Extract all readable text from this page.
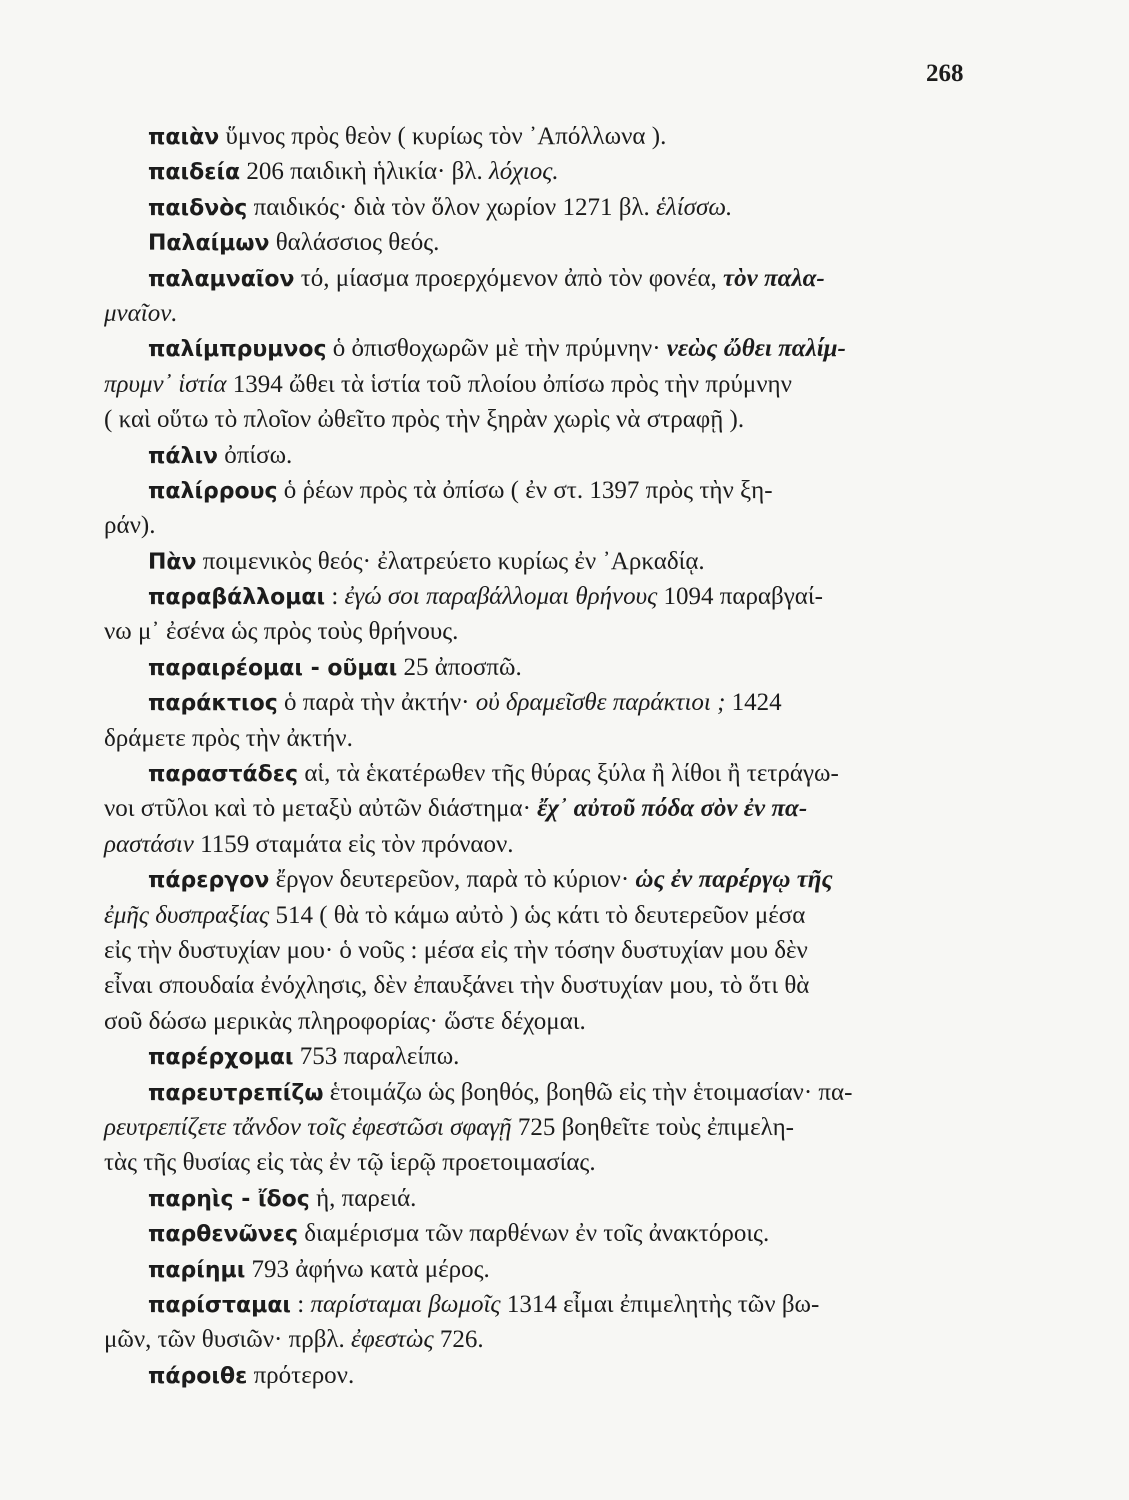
268
παιὰν ὕμνος πρὸς θεὸν ( κυρίως τὸν ᾿Απόλλωνα ).
παιδεία 206 παιδικὴ ἡλικία· βλ. λόχιος.
παιδνὸς παιδικός· διὰ τὸν ὅλον χωρίον 1271 βλ. ἑλίσσω.
Παλαίμων θαλάσσιος θεός.
παλαμναῖον τό, μίασμα προερχόμενον ἀπὸ τὸν φονέα, τὸν παλα-
μναῖον.
παλίμπρυμνος ὁ ὀπισθοχωρῶν μὲ τὴν πρύμνην· νεὼς ὤθει παλίμ-
πρυμν᾿ ἱστία 1394 ὤθει τὰ ἱστία τοῦ πλοίου ὀπίσω πρὸς τὴν πρύμνην
( καὶ οὕτω τὸ πλοῖον ὠθεῖτο πρὸς τὴν ξηρὰν χωρὶς νὰ στραφῇ ).
πάλιν ὀπίσω.
παλίρρους ὁ ῥέων πρὸς τὰ ὀπίσω ( ἐν στ. 1397 πρὸς τὴν ξη-
ράν).
Πὰν ποιμενικὸς θεός· ἐλατρεύετο κυρίως ἐν ᾿Αρκαδίᾳ.
παραβάλλομαι : ἐγώ σοι παραβάλλομαι θρήνους 1094 παραβγαί-
νω μ᾿ ἐσένα ὡς πρὸς τοὺς θρήνους.
παραιρέομαι - οῦμαι 25 ἀποσπῶ.
παράκτιος ὁ παρὰ τὴν ἀκτήν· οὐ δραμεῖσθε παράκτιοι ; 1424
δράμετε πρὸς τὴν ἀκτήν.
παραστάδες αἱ, τὰ ἑκατέρωθεν τῆς θύρας ξύλα ἢ λίθοι ἢ τετράγω-
νοι στῦλοι καὶ τὸ μεταξὺ αὐτῶν διάστημα· ἔχ᾿ αὐτοῦ πόδα σὸν ἐν πα-
ραστάσιν 1159 σταμάτα εἰς τὸν πρόναον.
πάρεργον ἔργον δευτερεῦον, παρὰ τὸ κύριον· ὡς ἐν παρέργῳ τῆς
ἐμῆς δυσπραξίας 514 ( θὰ τὸ κάμω αὐτὸ ) ὡς κάτι τὸ δευτερεῦον μέσα
εἰς τὴν δυστυχίαν μου· ὁ νοῦς : μέσα εἰς τὴν τόσην δυστυχίαν μου δὲν
εἶναι σπουδαία ἐνόχλησις, δὲν ἐπαυξάνει τὴν δυστυχίαν μου, τὸ ὅτι θὰ
σοῦ δώσω μερικὰς πληροφορίας· ὥστε δέχομαι.
παρέρχομαι 753 παραλείπω.
παρευτρεπίζω ἑτοιμάζω ὡς βοηθός, βοηθῶ εἰς τὴν ἑτοιμασίαν· πα-
ρευτρεπίζετε τἄνδον τοῖς ἐφεστῶσι σφαγῇ 725 βοηθεῖτε τοὺς ἐπιμελη-
τὰς τῆς θυσίας εἰς τὰς ἐν τῷ ἱερῷ προετοιμασίας.
παρηὶς - ἴδος ἡ, παρειά.
παρθενῶνες διαμέρισμα τῶν παρθένων ἐν τοῖς ἀνακτόροις.
παρίημι 793 ἀφήνω κατὰ μέρος.
παρίσταμαι : παρίσταμαι βωμοῖς 1314 εἶμαι ἐπιμελητὴς τῶν βω-
μῶν, τῶν θυσιῶν· πρβλ. ἐφεστὼς 726.
πάροιθε πρότερον.
